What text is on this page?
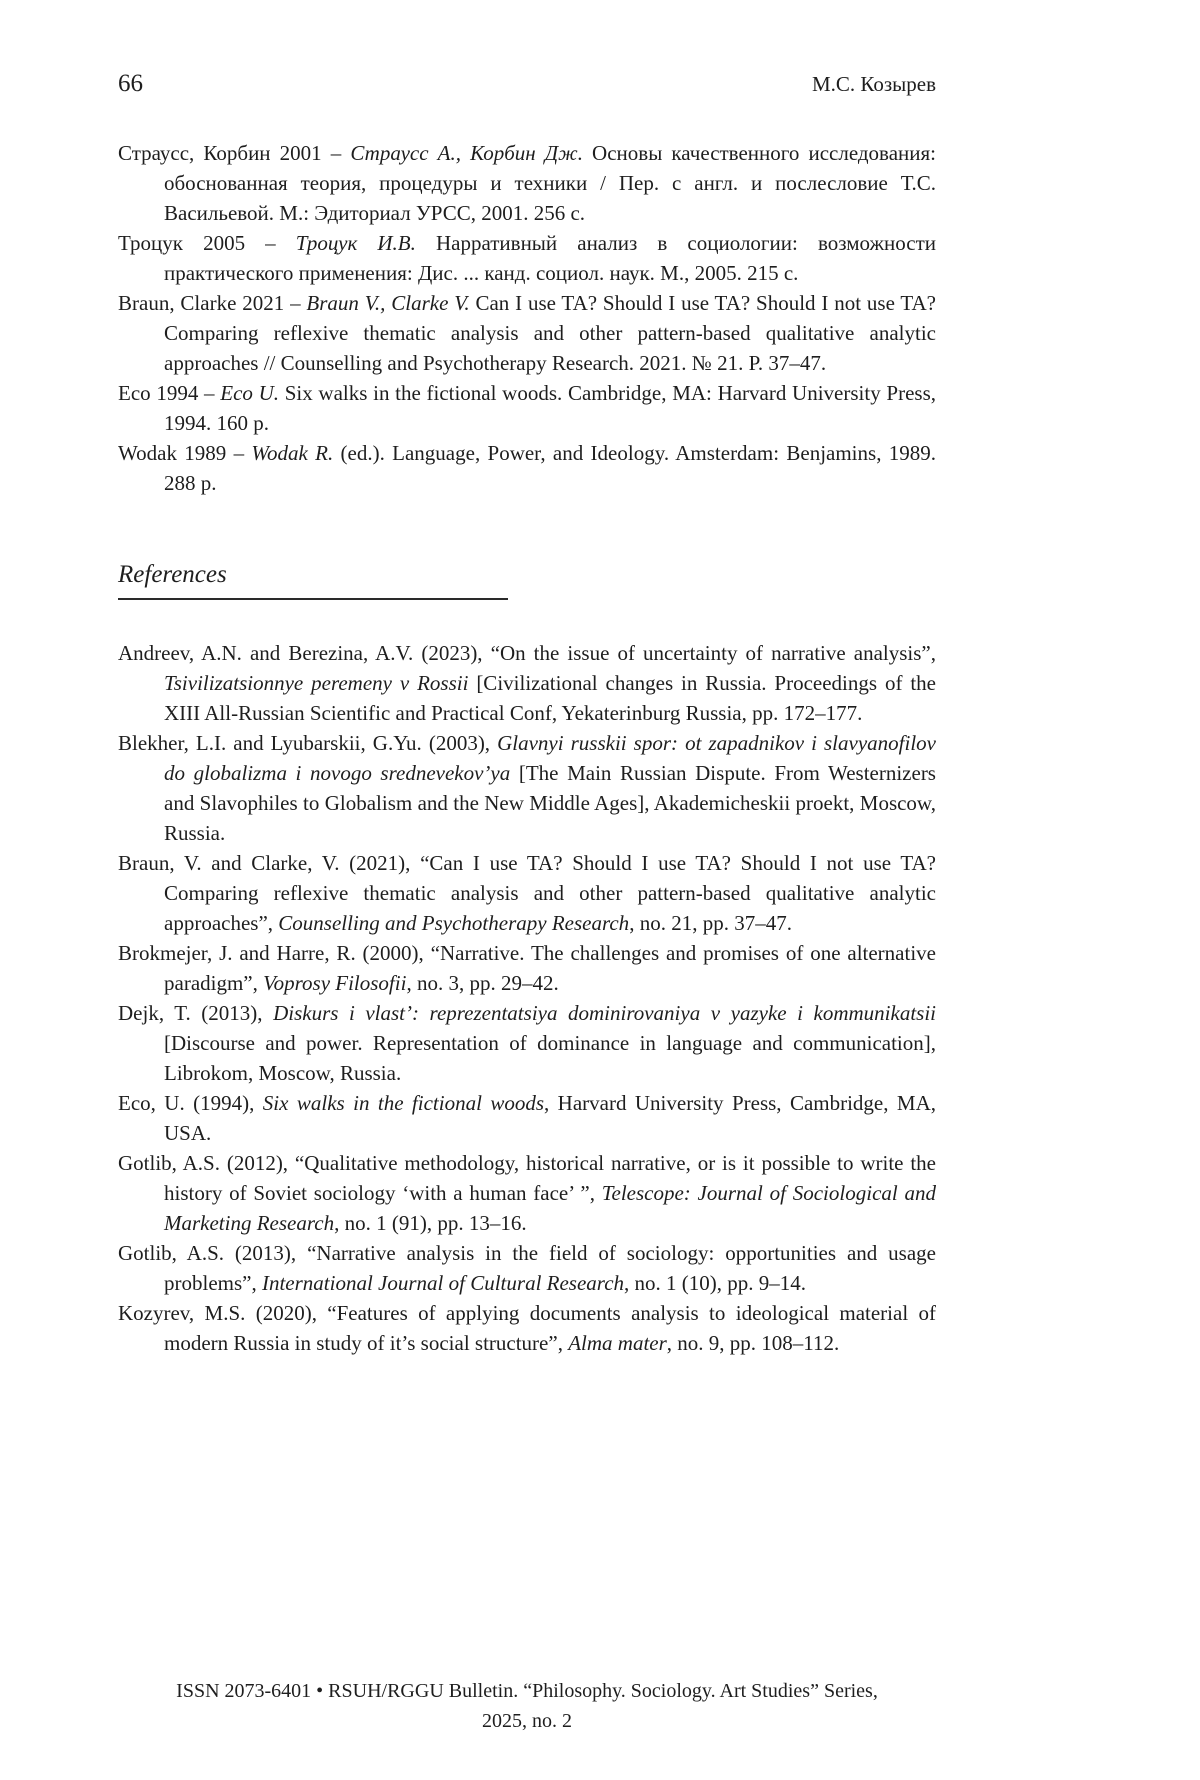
66	М.С. Козырев

Страусс, Корбин 2001 – Страусс А., Корбин Дж. Основы качественного исследования: обоснованная теория, процедуры и техники / Пер. с англ. и послесловие Т.С. Васильевой. М.: Эдиториал УРСС, 2001. 256 с.

Троцук 2005 – Троцук И.В. Нарративный анализ в социологии: возможности практического применения: Дис. ... канд. социол. наук. М., 2005. 215 с.

Braun, Clarke 2021 – Braun V., Clarke V. Can I use TA? Should I use TA? Should I not use TA? Comparing reflexive thematic analysis and other pattern-based qualitative analytic approaches // Counselling and Psychotherapy Research. 2021. № 21. P. 37–47.

Eco 1994 – Eco U. Six walks in the fictional woods. Cambridge, MA: Harvard University Press, 1994. 160 p.

Wodak 1989 – Wodak R. (ed.). Language, Power, and Ideology. Amsterdam: Benjamins, 1989. 288 p.

References

Andreev, A.N. and Berezina, A.V. (2023), “On the issue of uncertainty of narrative analysis”, Tsivilizatsionnye peremeny v Rossii [Civilizational changes in Russia. Proceedings of the XIII All-Russian Scientific and Practical Conf, Yekaterinburg Russia, pp. 172–177.

Blekher, L.I. and Lyubarskii, G.Yu. (2003), Glavnyi russkii spor: ot zapadnikov i slavyanofilov do globalizma i novogo srednevekov’ya [The Main Russian Dispute. From Westernizers and Slavophiles to Globalism and the New Middle Ages], Akademicheskii proekt, Moscow, Russia.

Braun, V. and Clarke, V. (2021), “Can I use TA? Should I use TA? Should I not use TA? Comparing reflexive thematic analysis and other pattern-based qualitative analytic approaches”, Counselling and Psychotherapy Research, no. 21, pp. 37–47.

Brokmejer, J. and Harre, R. (2000), “Narrative. The challenges and promises of one alternative paradigm”, Voprosy Filosofii, no. 3, pp. 29–42.

Dejk, T. (2013), Diskurs i vlast’: reprezentatsiya dominirovaniya v yazyke i kommunikatsii [Discourse and power. Representation of dominance in language and communication], Librokom, Moscow, Russia.

Eco, U. (1994), Six walks in the fictional woods, Harvard University Press, Cambridge, MA, USA.

Gotlib, A.S. (2012), “Qualitative methodology, historical narrative, or is it possible to write the history of Soviet sociology ‘with a human face’ ”, Telescope: Journal of Sociological and Marketing Research, no. 1 (91), pp. 13–16.

Gotlib, A.S. (2013), “Narrative analysis in the field of sociology: opportunities and usage problems”, International Journal of Cultural Research, no. 1 (10), pp. 9–14.

Kozyrev, M.S. (2020), “Features of applying documents analysis to ideological material of modern Russia in study of it’s social structure”, Alma mater, no. 9, pp. 108–112.

ISSN 2073-6401 • RSUH/RGGU Bulletin. “Philosophy. Sociology. Art Studies” Series,
2025, no. 2
